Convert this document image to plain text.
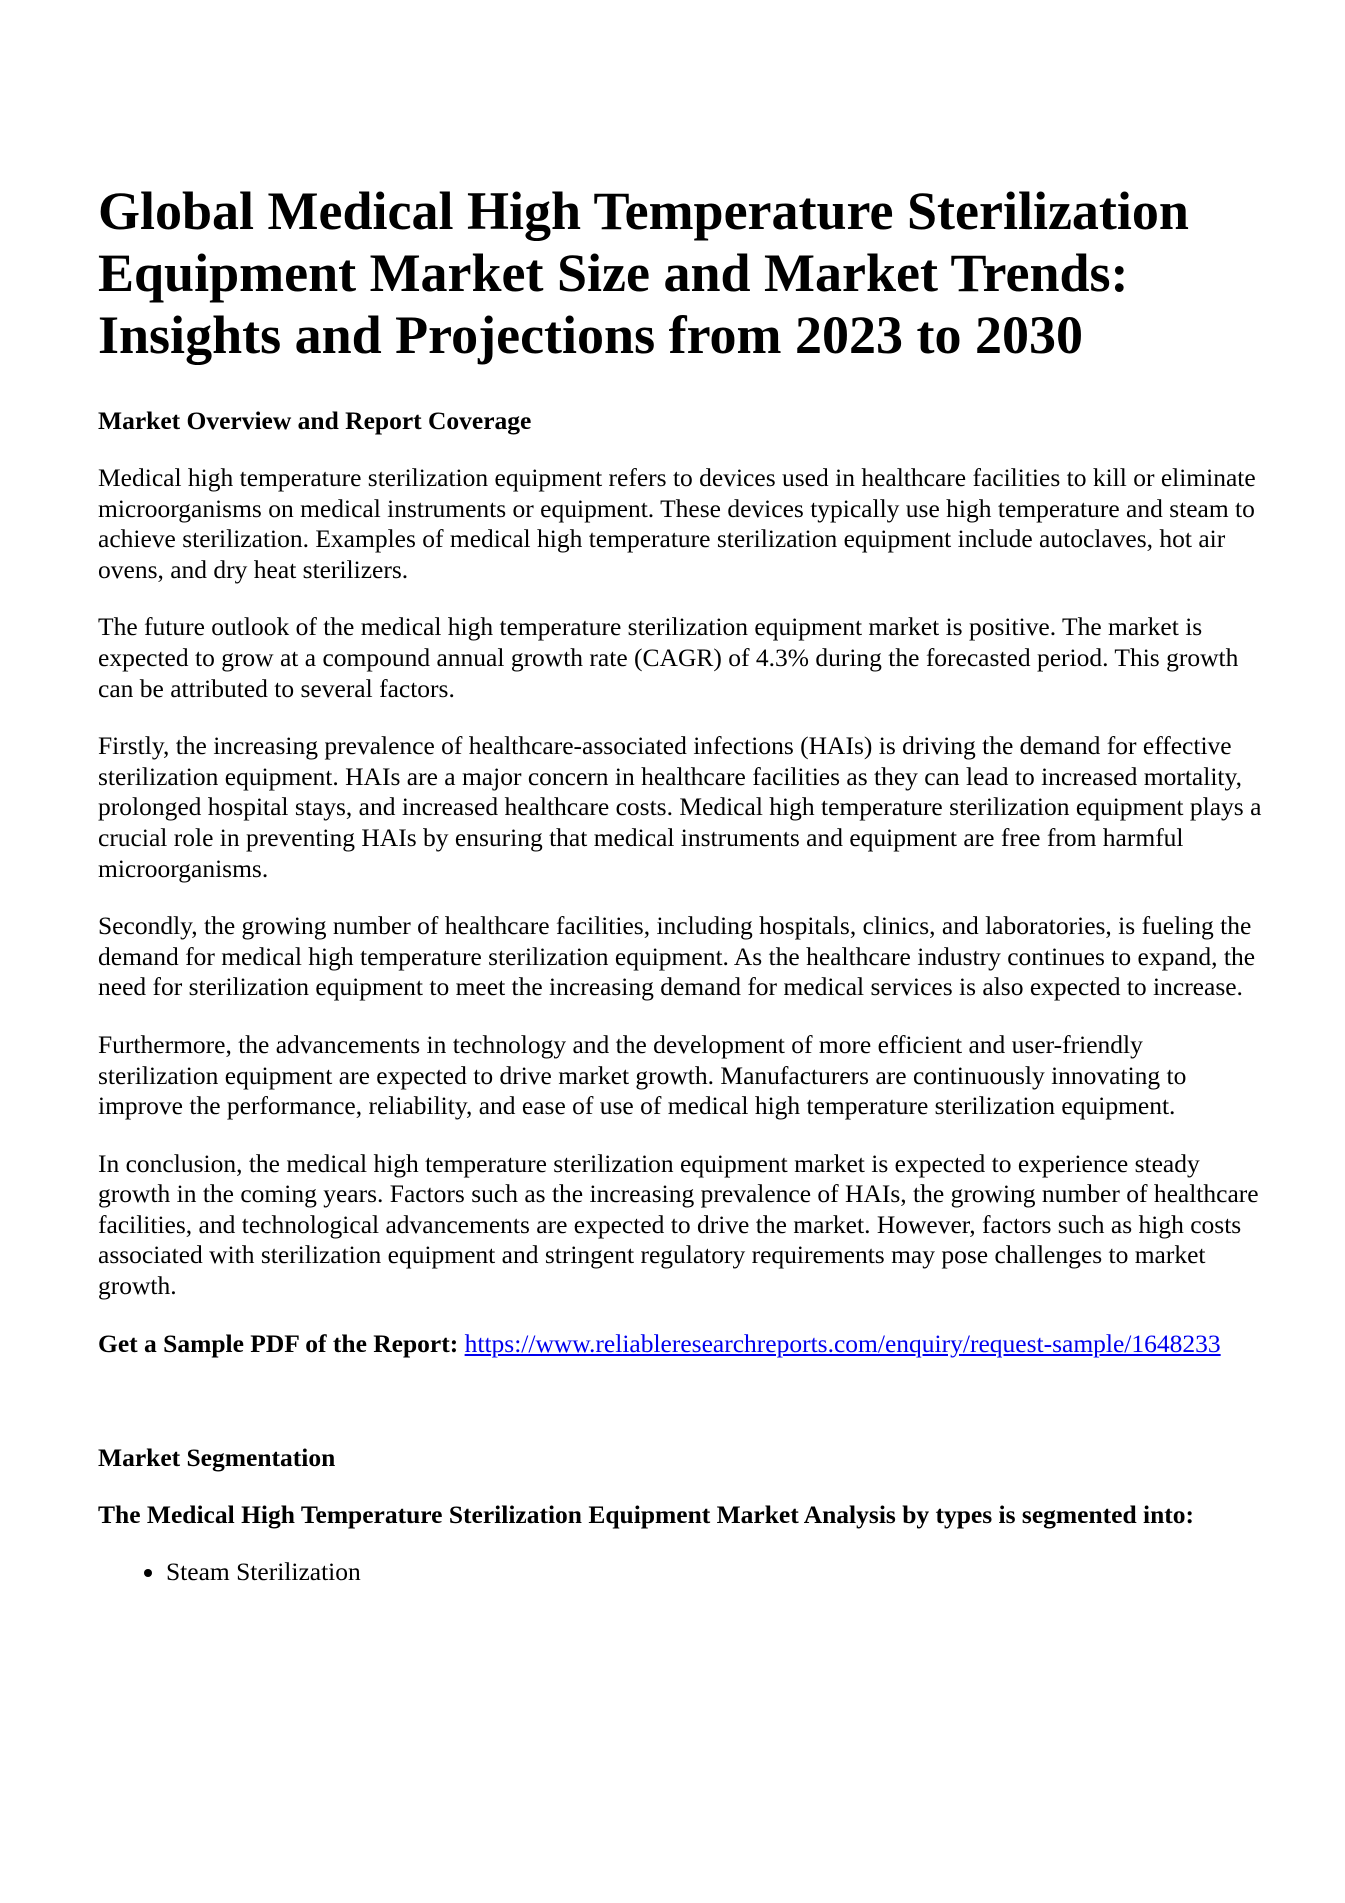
Global Medical High Temperature Sterilization Equipment Market Size and Market Trends: Insights and Projections from 2023 to 2030
Market Overview and Report Coverage

Medical high temperature sterilization equipment refers to devices used in healthcare facilities to kill or eliminate microorganisms on medical instruments or equipment. These devices typically use high temperature and steam to achieve sterilization. Examples of medical high temperature sterilization equipment include autoclaves, hot air ovens, and dry heat sterilizers.

The future outlook of the medical high temperature sterilization equipment market is positive. The market is expected to grow at a compound annual growth rate (CAGR) of 4.3% during the forecasted period. This growth can be attributed to several factors.

Firstly, the increasing prevalence of healthcare-associated infections (HAIs) is driving the demand for effective sterilization equipment. HAIs are a major concern in healthcare facilities as they can lead to increased mortality, prolonged hospital stays, and increased healthcare costs. Medical high temperature sterilization equipment plays a crucial role in preventing HAIs by ensuring that medical instruments and equipment are free from harmful microorganisms.

Secondly, the growing number of healthcare facilities, including hospitals, clinics, and laboratories, is fueling the demand for medical high temperature sterilization equipment. As the healthcare industry continues to expand, the need for sterilization equipment to meet the increasing demand for medical services is also expected to increase.

Furthermore, the advancements in technology and the development of more efficient and user-friendly sterilization equipment are expected to drive market growth. Manufacturers are continuously innovating to improve the performance, reliability, and ease of use of medical high temperature sterilization equipment.

In conclusion, the medical high temperature sterilization equipment market is expected to experience steady growth in the coming years. Factors such as the increasing prevalence of HAIs, the growing number of healthcare facilities, and technological advancements are expected to drive the market. However, factors such as high costs associated with sterilization equipment and stringent regulatory requirements may pose challenges to market growth.

Get a Sample PDF of the Report: https://www.reliableresearchreports.com/enquiry/request-sample/1648233

Market Segmentation
The Medical High Temperature Sterilization Equipment Market Analysis by types is segmented into:
• Steam Sterilization
